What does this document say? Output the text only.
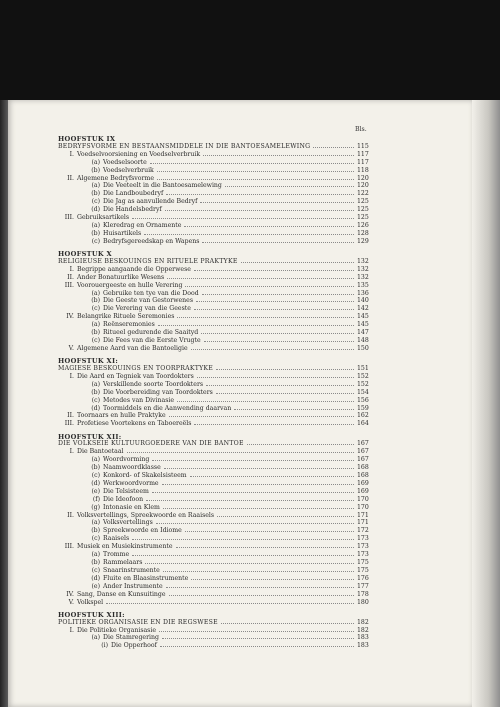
Bls.
HOOFSTUK IX
BEDRYFSVORME EN BESTAANSMIDDELE IN DIE BANTOESAMELEWING	115
I. Voedselvoorsiening en Voedselverbruik	117
(a) Voedselsoorte	117
(b) Voedselverbruik	118
II. Algemene Bedryfsvorme	120
(a) Die Veeteelt in die Bantoesamelewing	120
(b) Die Landboubedryf	122
(c) Die Jag as aanvullende Bedryf	125
(d) Die Handelsbedryf	125
III. Gebruiksartikels	125
(a) Kleredrag en Ornamente	126
(b) Huisartikels	128
(c) Bedryfsgereedskap en Wapens	129
HOOFSTUK X
RELIGIEUSE BESKOUINGS EN RITUELE PRAKTYKE	132
I. Begrippe aangaande die Opperwese	132
II. Ander Bonatuurlike Wesens	132
III. Voorouergeeste en hulle Verering	135
(a) Gebruike ten tye van die Dood	136
(b) Die Geeste van Gestorwenes	140
(c) Die Verering van die Geeste	142
IV. Belangrike Rituele Seremonies	145
(a) Reënseremonies	145
(b) Ritueel gedurende die Saaityd	147
(c) Die Fees van die Eerste Vrugte	148
V. Algemene Aard van die Bantoeligie	150
HOOFSTUK XI:
MAGIESE BESKOUINGS EN TOORPRAKTYKE	151
I. Die Aard en Tegniek van Toordokters	152
(a) Verskillende soorte Toordokters	152
(b) Die Voorbereiding van Toordokters	154
(c) Metodes van Divinasie	156
(d) Toormiddels en die Aanwending daarvan	159
II. Toornaars en hulle Praktyke	162
III. Profetiese Voortekens en Taboereëls	164
HOOFSTUK XII:
DIE VOLKSEIE KULTUURGOEDERE VAN DIE BANTOE	167
I. Die Bantoetaal	167
(a) Woordvorming	167
(b) Naamwoordklasse	168
(c) Konkord- of Skakelsisteem	168
(d) Werkwoordvorme	169
(e) Die Telsisteem	169
(f) Die Ideofoon	170
(g) Intonasie en Klem	170
II. Volksvertellings, Spreekwoorde en Raaisels	171
(a) Volksvertellings	171
(b) Spreekwoorde en Idiome	172
(c) Raaisels	173
III. Musiek en Musiekinstrumente	173
(a) Tromme	173
(b) Rammelaars	175
(c) Snaarinstrumente	175
(d) Fluite en Blaasinstrumente	176
(e) Ander Instrumente	177
IV. Sang, Danse en Kunsuitinge	178
V. Volkspel	180
HOOFSTUK XIII:
POLITIEKE ORGANISASIE EN DIE REGSWESE	182
I. Die Politieke Organisasie	182
(a) Die Stamregering	183
(i) Die Opperhoof	183
